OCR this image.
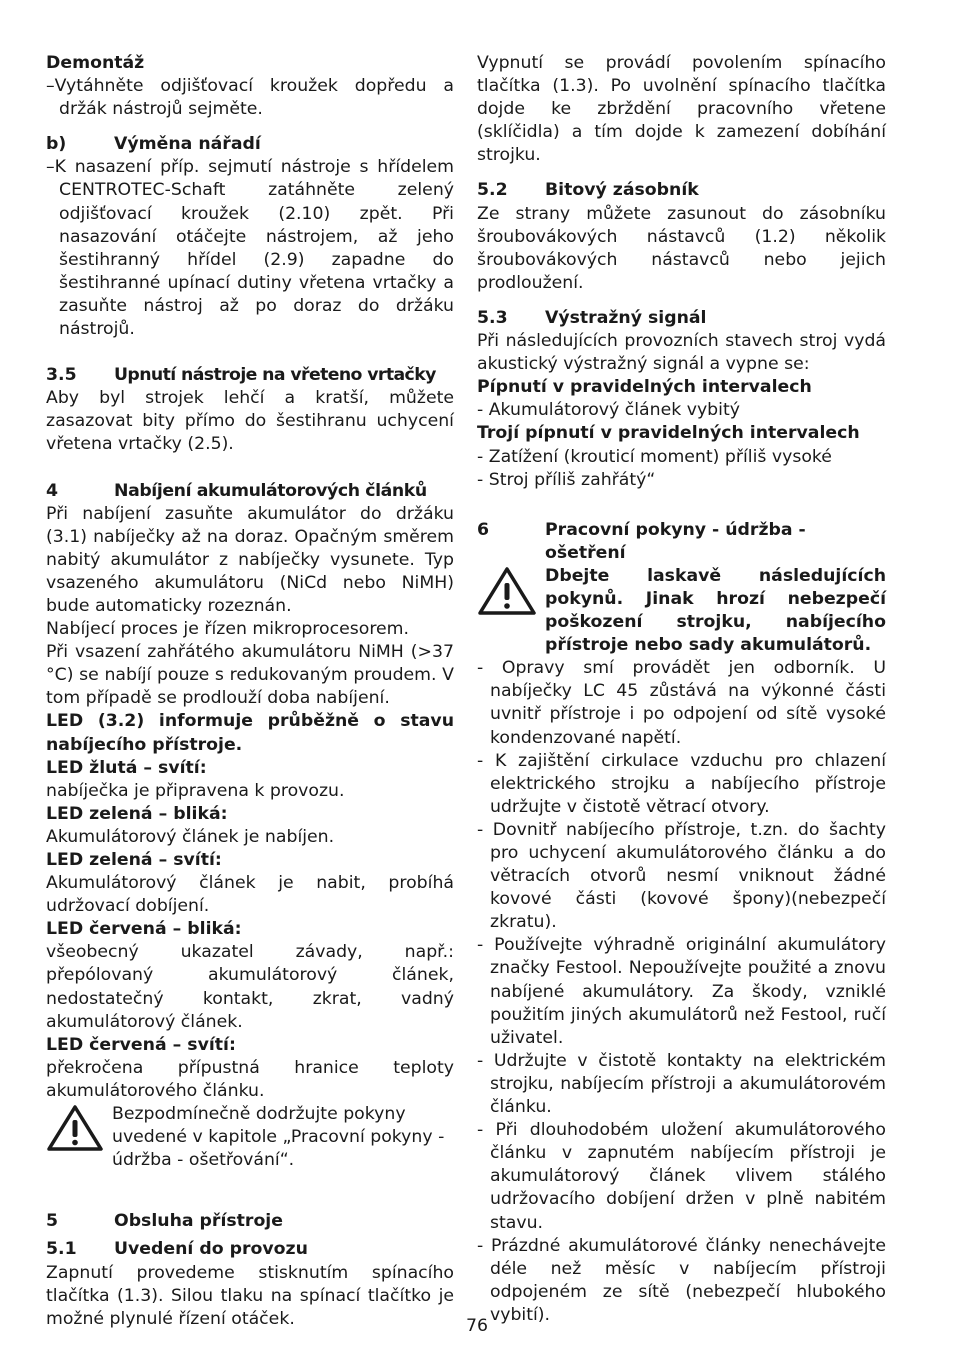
Demontáž

–Vytáhněte odjišťovací kroužek dopředu a držák nástrojů sejměte.

b)	Výměna nářadí

–K nasazení příp. sejmutí nástroje s hřídelem CENTROTEC-Schaft zatáhněte zelený odjišťovací kroužek (2.10) zpět. Při nasazování otáčejte nástrojem, až jeho šestihranný hřídel (2.9) zapadne do šestihranné upínací dutiny vřetena vrtačky a zasuňte nástroj až po doraz do držáku nástrojů.

3.5	Upnutí nástroje na vřeteno vrtačky

Aby byl strojek lehčí a kratší, můžete zasazovat bity přímo do šestihranu uchycení vřetena vrtačky (2.5).

4	Nabíjení akumulátorových článků

Při nabíjení zasuňte akumulátor do držáku (3.1) nabíječky až na doraz. Opačným směrem nabitý akumulátor z nabíječky vysunete. Typ vsazeného akumulátoru (NiCd nebo NiMH) bude automaticky rozeznán.

Nabíjecí proces je řízen mikroprocesorem.

Při vsazení zahřátého akumulátoru NiMH (>37 °C) se nabíjí pouze s redukovaným proudem. V tom případě se prodlouží doba nabíjení.

LED (3.2) informuje průběžně o stavu nabíjecího přístroje.

LED žlutá – svítí:

nabíječka je připravena k provozu.

LED zelená – bliká:

Akumulátorový článek je nabíjen.

LED zelená – svítí:

Akumulátorový článek je nabit, probíhá udržovací dobíjení.

LED červená – bliká:

všeobecný ukazatel závady, např.: přepólovaný akumulátorový článek, nedostatečný kontakt, zkrat, vadný akumulátorový článek.

LED červená – svítí:

překročena přípustná hranice teploty akumulátorového článku.

Bezpodmínečně dodržujte pokyny uvedené v kapitole „Pracovní pokyny - údržba - ošetřování“.

5	Obsluha přístroje
5.1	Uvedení do provozu

Zapnutí provedeme stisknutím spínacího tlačítka (1.3). Silou tlaku na spínací tlačítko je možné plynulé řízení otáček.

Vypnutí se provádí povolením spínacího tlačítka (1.3). Po uvolnění spínacího tlačítka dojde ke zbrždění pracovního vřetene (sklíčidla) a tím dojde k zamezení dobíhání strojku.

5.2	Bitový zásobník

Ze strany můžete zasunout do zásobníku šroubovákových nástavců (1.2) několik šroubovákových nástavců nebo jejich prodloužení.

5.3	Výstražný signál

Při následujících provozních stavech stroj vydá akustický výstražný signál a vypne se:

Pípnutí v pravidelných intervalech

- Akumulátorový článek vybitý

Trojí pípnutí v pravidelných intervalech

- Zatížení (krouticí moment) příliš vysoké

- Stroj příliš zahřátý“

6	Pracovní pokyny - údržba - ošetření

Dbejte laskavě následujících pokynů. Jinak hrozí nebezpečí poškození strojku, nabíjecího přístroje nebo sady akumulátorů.

- Opravy smí provádět jen odborník. U nabíječky LC 45 zůstává na výkonné části uvnitř přístroje i po odpojení od sítě vysoké kondenzované napětí.

- K zajištění cirkulace vzduchu pro chlazení elektrického strojku a nabíjecího přístroje udržujte v čistotě větrací otvory.

- Dovnitř nabíjecího přístroje, t.zn. do šachty pro uchycení akumulátorového článku a do větracích otvorů nesmí vniknout žádné kovové části (kovové špony)(nebezpečí zkratu).

- Používejte výhradně originální akumulátory značky Festool. Nepoužívejte použité a znovu nabíjené akumulátory. Za škody, vzniklé použitím jiných akumulátorů než Festool, ručí uživatel.

- Udržujte v čistotě kontakty na elektrickém strojku, nabíjecím přístroji a akumulátorovém článku.

- Při dlouhodobém uložení akumulátorového článku v zapnutém nabíjecím přístroji je akumulátorový článek vlivem stálého udržovacího dobíjení držen v plně nabitém stavu.

- Prázdné akumulátorové články nenechávejte déle než měsíc v nabíjecím přístroji odpojeném ze sítě (nebezpečí hlubokého vybití).

76
